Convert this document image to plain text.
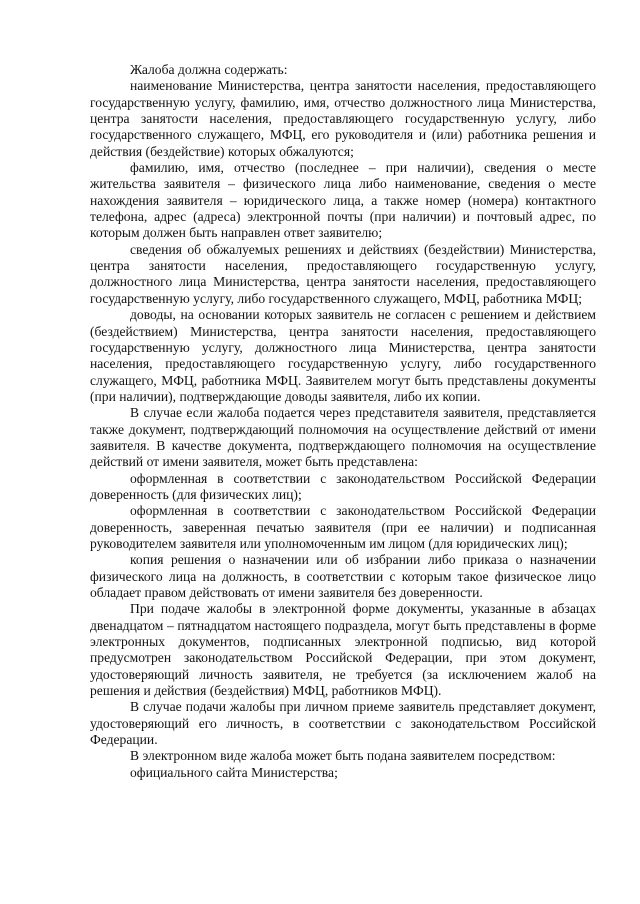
Жалоба должна содержать:

наименование Министерства, центра занятости населения, предоставляющего государственную услугу, фамилию, имя, отчество должностного лица Министерства, центра занятости населения, предоставляющего государственную услугу, либо государственного служащего, МФЦ, его руководителя и (или) работника решения и действия (бездействие) которых обжалуются;

фамилию, имя, отчество (последнее – при наличии), сведения о месте жительства заявителя – физического лица либо наименование, сведения о месте нахождения заявителя – юридического лица, а также номер (номера) контактного телефона, адрес (адреса) электронной почты (при наличии) и почтовый адрес, по которым должен быть направлен ответ заявителю;

сведения об обжалуемых решениях и действиях (бездействии) Министерства, центра занятости населения, предоставляющего государственную услугу, должностного лица Министерства, центра занятости населения, предоставляющего государственную услугу, либо государственного служащего, МФЦ, работника МФЦ;

доводы, на основании которых заявитель не согласен с решением и действием (бездействием) Министерства, центра занятости населения, предоставляющего государственную услугу, должностного лица Министерства, центра занятости населения, предоставляющего государственную услугу, либо государственного служащего, МФЦ, работника МФЦ. Заявителем могут быть представлены документы (при наличии), подтверждающие доводы заявителя, либо их копии.

В случае если жалоба подается через представителя заявителя, представляется также документ, подтверждающий полномочия на осуществление действий от имени заявителя. В качестве документа, подтверждающего полномочия на осуществление действий от имени заявителя, может быть представлена:

оформленная в соответствии с законодательством Российской Федерации доверенность (для физических лиц);

оформленная в соответствии с законодательством Российской Федерации доверенность, заверенная печатью заявителя (при ее наличии) и подписанная руководителем заявителя или уполномоченным им лицом (для юридических лиц);

копия решения о назначении или об избрании либо приказа о назначении физического лица на должность, в соответствии с которым такое физическое лицо обладает правом действовать от имени заявителя без доверенности.

При подаче жалобы в электронной форме документы, указанные в абзацах двенадцатом – пятнадцатом настоящего подраздела, могут быть представлены в форме электронных документов, подписанных электронной подписью, вид которой предусмотрен законодательством Российской Федерации, при этом документ, удостоверяющий личность заявителя, не требуется (за исключением жалоб на решения и действия (бездействия) МФЦ, работников МФЦ).

В случае подачи жалобы при личном приеме заявитель представляет документ, удостоверяющий его личность, в соответствии с законодательством Российской Федерации.

В электронном виде жалоба может быть подана заявителем посредством:

официального сайта Министерства;
